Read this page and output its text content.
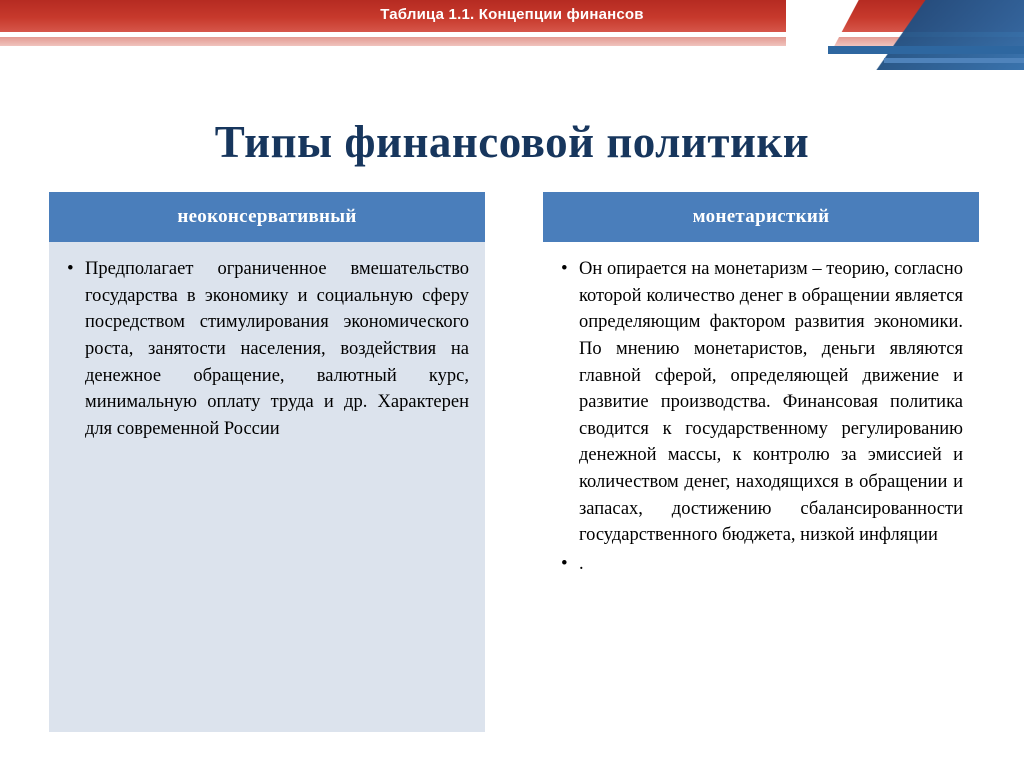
Таблица 1.1. Концепции финансов
Типы финансовой политики
неоконсервативный
• Предполагает ограниченное вмешательство государства в экономику и социальную сферу посредством стимулирования экономического роста, занятости населения, воздействия на денежное обращение, валютный курс, минимальную оплату труда и др. Характерен для современной России
монетаристкий
• Он опирается на монетаризм – теорию, согласно которой количество денег в обращении является определяющим фактором развития экономики. По мнению монетаристов, деньги являются главной сферой, определяющей движение и развитие производства. Финансовая политика сводится к государственному регулированию денежной массы, к контролю за эмиссией и количеством денег, находящихся в обращении и запасах, достижению сбалансированности государственного бюджета, низкой инфляции
• .
